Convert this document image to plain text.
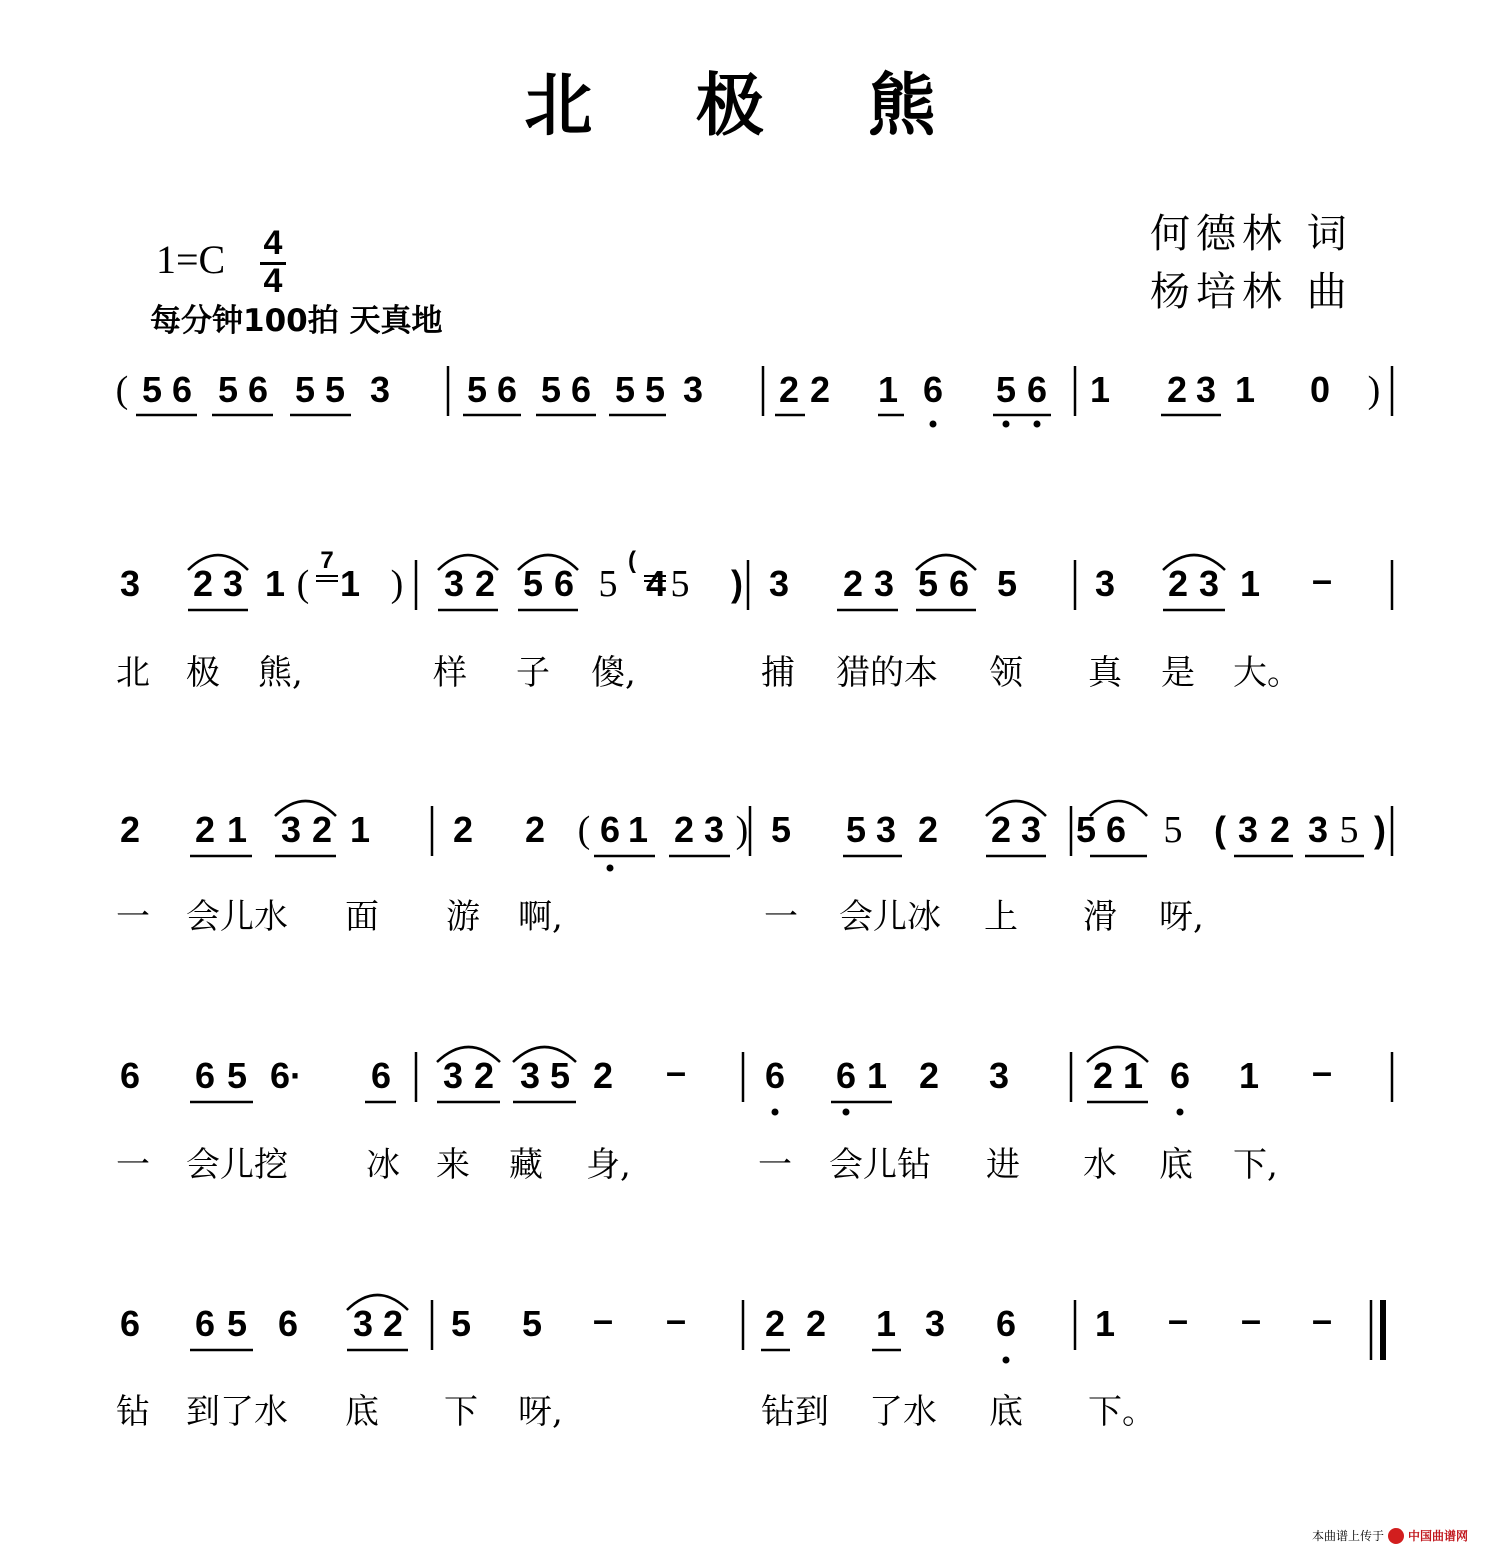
北 极 熊
1=C 4
4
每分钟100拍 天真地
何德林 词
杨培林 曲
( 5 6 5 6 5 5 3 5 6 5 6 5 5 3 2 2 1 6 5 6 1 2 3 1 0 )
3 2 3 1 (
7
1 ) 3 2 5 6 5
(
4 5 ) 3 2 3 5 6 5 3 2 3 1 –
2 2 1 3 2 1 2 2 ( 6 1 2 3 ) 5 5 3 2 2 3 5 6 5 ( 3 2 3 5 )
6 6 5 6· 6 3 2 3 5 2 – 6 6 1 2 3 2 1 6 1 –
6 6 5 6 3 2 5 5 – – 2 2 1 3 6 1 – – –
北 极 熊,	样 子 傻,	捕 猎的本 领 真 是 大。
一 会儿水 面 游 啊,	一 会儿冰 上 滑 呀,
一 会儿挖 冰 来 藏 身,	一 会儿钻 进 水 底 下,
钻 到了水 底 下 呀,	钻到 了水 底 下。
本曲谱上传于 中国曲谱网
